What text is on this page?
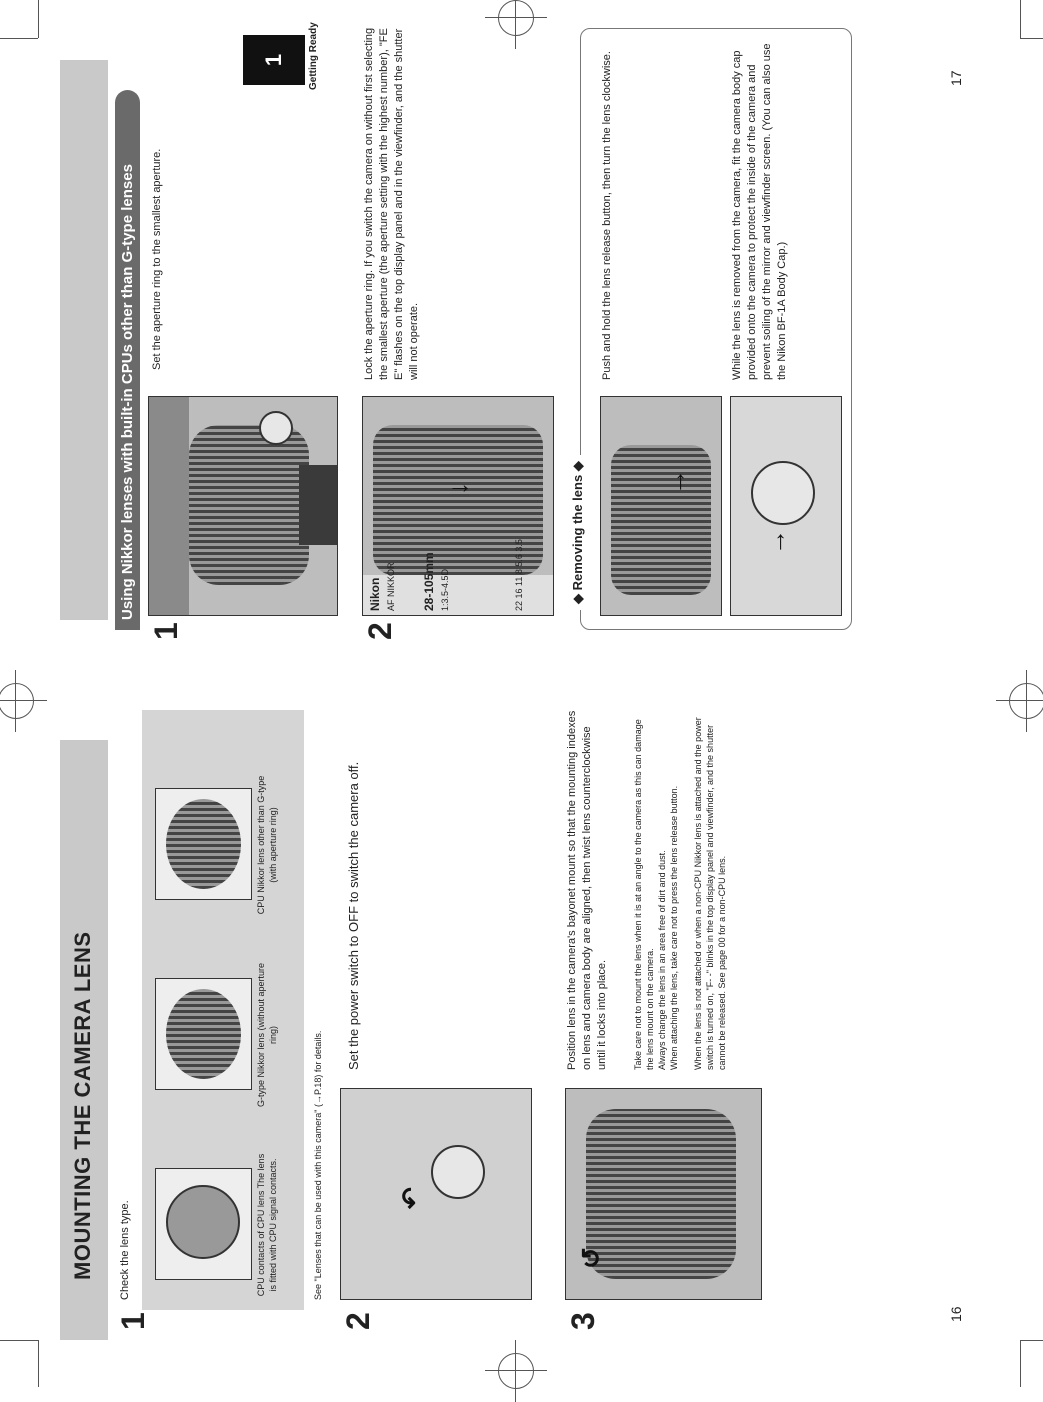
16
17
1	Getting Ready
Using Nikkor lenses with built-in CPUs other than G-type lenses
1
Set the aperture ring to the smallest aperture.
2
Nikon AF NIKKOR 28-105mm 1:3.5-4.5D	22 16 11 8 5.6 3.5
↓
Lock the aperture ring. If you switch the camera on without first selecting the smallest aperture (the aperture setting with the highest number), "FE E" flashes on the top display panel and in the viewfinder, and the shutter will not operate.
◆ Removing the lens ◆
→
Push and hold the lens release button, then turn the lens clockwise.
→
While the lens is removed from the camera, fit the camera body cap provided onto the camera to protect the inside of the camera and prevent soiling of the mirror and viewfinder screen. (You can also use the Nikon BF-1A Body Cap.)
MOUNTING THE CAMERA LENS
1
Check the lens type.	CPU contacts of CPU lens The lens is fitted with CPU signal contacts.
G-type Nikkor lens (without aperture ring)
CPU Nikkor lens other than G-type (with aperture ring)
See "Lenses that can be used with this camera" (→P.18) for details.
2
↶
Set the power switch to OFF to switch the camera off.
3
↺
Position lens in the camera's bayonet mount so that the mounting indexes on lens and camera body are aligned, then twist lens counterclockwise until it locks into place.	Take care not to mount the lens when it is at an angle to the camera as this can damage the lens mount on the camera. Always change the lens in an area free of dirt and dust. When attaching the lens, take care not to press the lens release button. When the lens is not attached or when a non-CPU Nikkor lens is attached and the power switch is turned on, "F- -" blinks in the top display panel and viewfinder, and the shutter cannot be released. See page 00 for a non-CPU lens.
